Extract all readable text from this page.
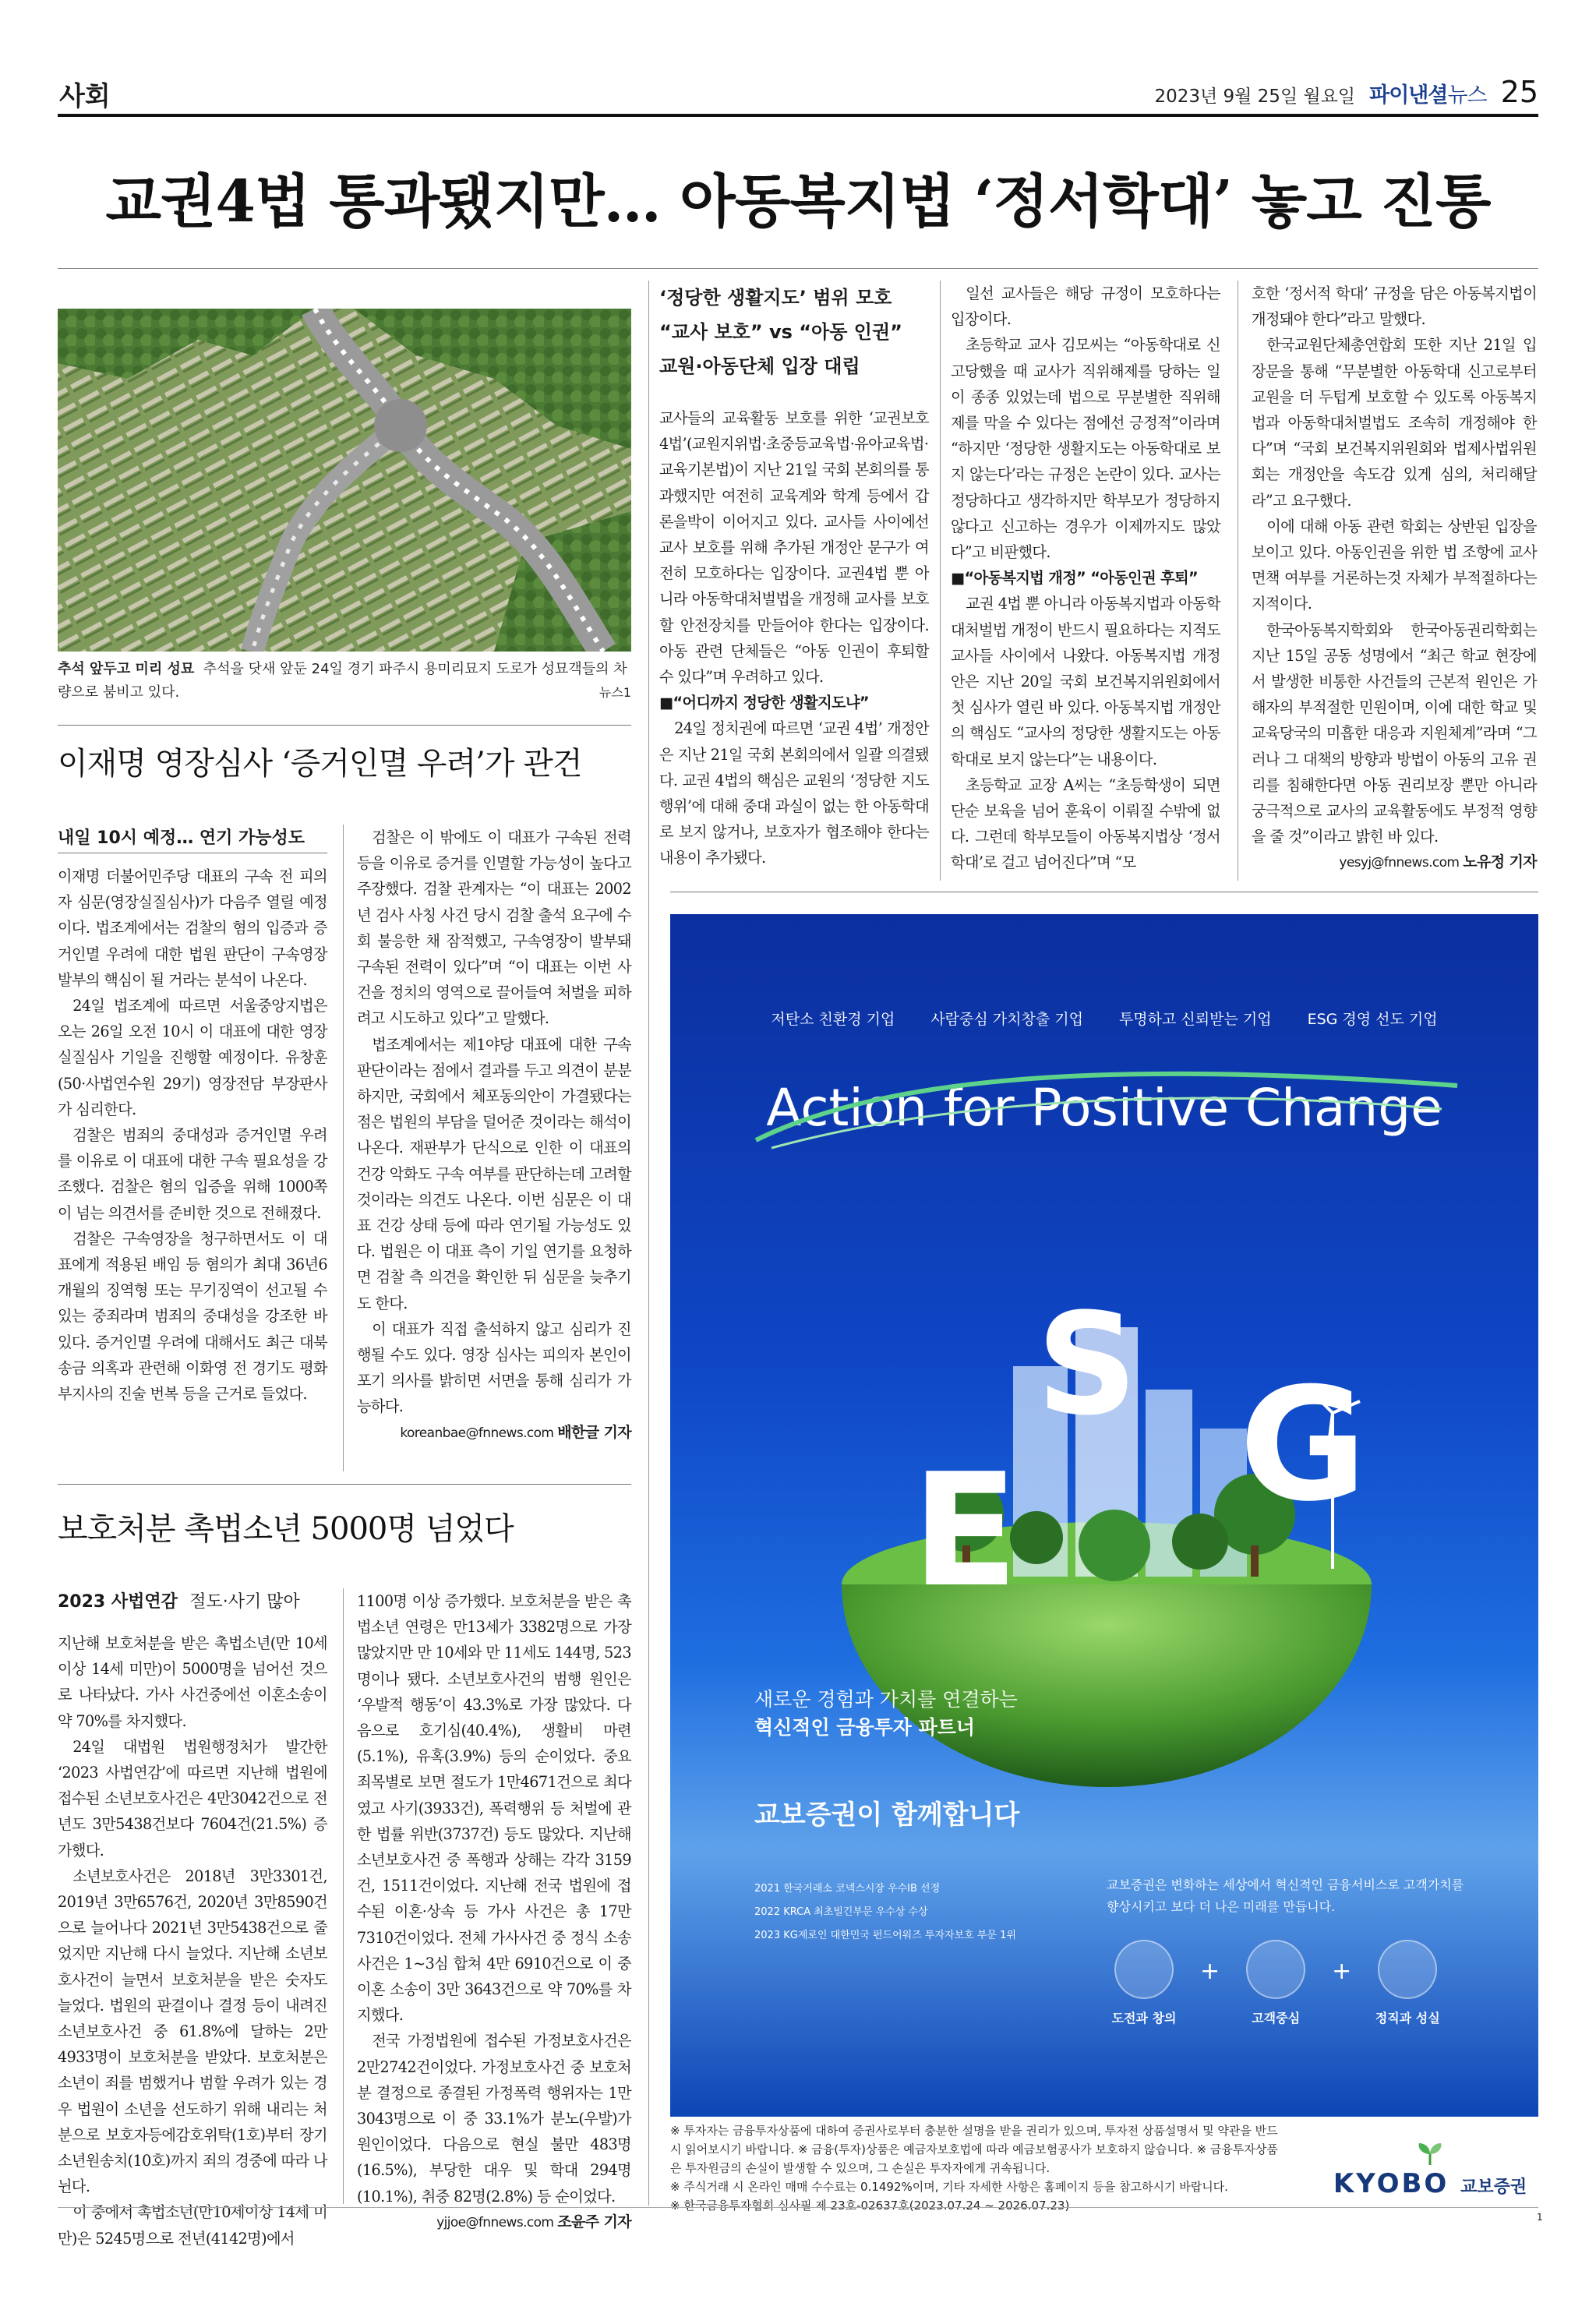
사회	2023년 9월 25일 월요일 파이낸셜뉴스 25
교권4법 통과됐지만… 아동복지법 ‘정서학대’ 놓고 진통
추석 앞두고 미리 성묘 추석을 닷새 앞둔 24일 경기 파주시 용미리묘지 도로가 성묘객들의 차량으로 붐비고 있다.	뉴스1
‘정당한 생활지도’ 범위 모호
“교사 보호” vs “아동 인권”
교원·아동단체 입장 대립

교사들의 교육활동 보호를 위한 ‘교권보호 4법’(교원지위법·초중등교육법·유아교육법·교육기본법)이 지난 21일 국회 본회의를 통과했지만 여전히 교육계와 학계 등에서 갑론을박이 이어지고 있다. 교사들 사이에선 교사 보호를 위해 추가된 개정안 문구가 여전히 모호하다는 입장이다. 교권4법 뿐 아니라 아동학대처벌법을 개정해 교사를 보호할 안전장치를 만들어야 한다는 입장이다. 아동 관련 단체들은 “아동 인권이 후퇴할 수 있다”며 우려하고 있다.

■“어디까지 정당한 생활지도냐”

24일 정치권에 따르면 ‘교권 4법’ 개정안은 지난 21일 국회 본회의에서 일괄 의결됐다. 교권 4법의 핵심은 교원의 ‘정당한 지도행위’에 대해 중대 과실이 없는 한 아동학대로 보지 않거나, 보호자가 협조해야 한다는 내용이 추가됐다.

일선 교사들은 해당 규정이 모호하다는 입장이다.

초등학교 교사 김모씨는 “아동학대로 신고당했을 때 교사가 직위해제를 당하는 일이 종종 있었는데 법으로 무분별한 직위해제를 막을 수 있다는 점에선 긍정적”이라며 “하지만 ‘정당한 생활지도는 아동학대로 보지 않는다’라는 규정은 논란이 있다. 교사는 정당하다고 생각하지만 학부모가 정당하지 않다고 신고하는 경우가 이제까지도 많았다”고 비판했다.

■“아동복지법 개정” “아동인권 후퇴”

교권 4법 뿐 아니라 아동복지법과 아동학대처벌법 개정이 반드시 필요하다는 지적도 교사들 사이에서 나왔다. 아동복지법 개정안은 지난 20일 국회 보건복지위원회에서 첫 심사가 열린 바 있다. 아동복지법 개정안의 핵심도 “교사의 정당한 생활지도는 아동학대로 보지 않는다”는 내용이다.

초등학교 교장 A씨는 “초등학생이 되면 단순 보육을 넘어 훈육이 이뤄질 수밖에 없다. 그런데 학부모들이 아동복지법상 ‘정서학대’로 걸고 넘어진다”며 “모

호한 ‘정서적 학대’ 규정을 담은 아동복지법이 개정돼야 한다”라고 말했다.

한국교원단체총연합회 또한 지난 21일 입장문을 통해 “무분별한 아동학대 신고로부터 교원을 더 두텁게 보호할 수 있도록 아동복지법과 아동학대처벌법도 조속히 개정해야 한다”며 “국회 보건복지위원회와 법제사법위원회는 개정안을 속도감 있게 심의, 처리해달라”고 요구했다.

이에 대해 아동 관련 학회는 상반된 입장을 보이고 있다. 아동인권을 위한 법 조항에 교사 면책 여부를 거론하는것 자체가 부적절하다는 지적이다.

한국아동복지학회와 한국아동권리학회는 지난 15일 공동 성명에서 “최근 학교 현장에서 발생한 비통한 사건들의 근본적 원인은 가해자의 부적절한 민원이며, 이에 대한 학교 및 교육당국의 미흡한 대응과 지원체계”라며 “그러나 그 대책의 방향과 방법이 아동의 고유 권리를 침해한다면 아동 권리보장 뿐만 아니라 궁극적으로 교사의 교육활동에도 부정적 영향을 줄 것”이라고 밝힌 바 있다.

yesyj@fnnews.com 노유정 기자
이재명 영장심사 ‘증거인멸 우려’가 관건
내일 10시 예정… 연기 가능성도

이재명 더불어민주당 대표의 구속 전 피의자 심문(영장실질심사)가 다음주 열릴 예정이다. 법조계에서는 검찰의 혐의 입증과 증거인멸 우려에 대한 법원 판단이 구속영장 발부의 핵심이 될 거라는 분석이 나온다.

24일 법조계에 따르면 서울중앙지법은 오는 26일 오전 10시 이 대표에 대한 영장실질심사 기일을 진행할 예정이다. 유창훈(50·사법연수원 29기) 영장전담 부장판사가 심리한다.

검찰은 범죄의 중대성과 증거인멸 우려를 이유로 이 대표에 대한 구속 필요성을 강조했다. 검찰은 혐의 입증을 위해 1000쪽이 넘는 의견서를 준비한 것으로 전해졌다.

검찰은 구속영장을 청구하면서도 이 대표에게 적용된 배임 등 혐의가 최대 36년6개월의 징역형 또는 무기징역이 선고될 수 있는 중죄라며 범죄의 중대성을 강조한 바 있다. 증거인멸 우려에 대해서도 최근 대북송금 의혹과 관련해 이화영 전 경기도 평화부지사의 진술 번복 등을 근거로 들었다.

검찰은 이 밖에도 이 대표가 구속된 전력 등을 이유로 증거를 인멸할 가능성이 높다고 주장했다. 검찰 관계자는 “이 대표는 2002년 검사 사칭 사건 당시 검찰 출석 요구에 수회 불응한 채 잠적했고, 구속영장이 발부돼 구속된 전력이 있다”며 “이 대표는 이번 사건을 정치의 영역으로 끌어들여 처벌을 피하려고 시도하고 있다”고 말했다.

법조계에서는 제1야당 대표에 대한 구속판단이라는 점에서 결과를 두고 의견이 분분하지만, 국회에서 체포동의안이 가결됐다는 점은 법원의 부담을 덜어준 것이라는 해석이 나온다. 재판부가 단식으로 인한 이 대표의 건강 악화도 구속 여부를 판단하는데 고려할 것이라는 의견도 나온다. 이번 심문은 이 대표 건강 상태 등에 따라 연기될 가능성도 있다. 법원은 이 대표 측이 기일 연기를 요청하면 검찰 측 의견을 확인한 뒤 심문을 늦추기도 한다.

이 대표가 직접 출석하지 않고 심리가 진행될 수도 있다. 영장 심사는 피의자 본인이 포기 의사를 밝히면 서면을 통해 심리가 가능하다.

koreanbae@fnnews.com 배한글 기자
보호처분 촉법소년 5000명 넘었다
2023 사법연감 절도·사기 많아

지난해 보호처분을 받은 촉법소년(만 10세 이상 14세 미만)이 5000명을 넘어선 것으로 나타났다. 가사 사건중에선 이혼소송이 약 70%를 차지했다.

24일 대법원 법원행정처가 발간한 ‘2023 사법연감’에 따르면 지난해 법원에 접수된 소년보호사건은 4만3042건으로 전년도 3만5438건보다 7604건(21.5%) 증가했다.

소년보호사건은 2018년 3만3301건, 2019년 3만6576건, 2020년 3만8590건으로 늘어나다 2021년 3만5438건으로 줄었지만 지난해 다시 늘었다. 지난해 소년보호사건이 늘면서 보호처분을 받은 숫자도 늘었다. 법원의 판결이나 결정 등이 내려진 소년보호사건 중 61.8%에 달하는 2만4933명이 보호처분을 받았다. 보호처분은 소년이 죄를 범했거나 범할 우려가 있는 경우 법원이 소년을 선도하기 위해 내리는 처분으로 보호자등에감호위탁(1호)부터 장기소년원송치(10호)까지 죄의 경중에 따라 나뉜다.

이 중에서 촉법소년(만10세이상 14세 미만)은 5245명으로 전년(4142명)에서

1100명 이상 증가했다. 보호처분을 받은 촉법소년 연령은 만13세가 3382명으로 가장 많았지만 만 10세와 만 11세도 144명, 523명이나 됐다. 소년보호사건의 범행 원인은 ‘우발적 행동’이 43.3%로 가장 많았다. 다음으로 호기심(40.4%), 생활비 마련(5.1%), 유혹(3.9%) 등의 순이었다. 중요 죄목별로 보면 절도가 1만4671건으로 최다였고 사기(3933건), 폭력행위 등 처벌에 관한 법률 위반(3737건) 등도 많았다. 지난해 소년보호사건 중 폭행과 상해는 각각 3159건, 1511건이었다. 지난해 전국 법원에 접수된 이혼·상속 등 가사 사건은 총 17만7310건이었다. 전체 가사사건 중 정식 소송 사건은 1~3심 합쳐 4만 6910건으로 이 중 이혼 소송이 3만 3643건으로 약 70%를 차지했다.

전국 가정법원에 접수된 가정보호사건은 2만2742건이었다. 가정보호사건 중 보호처분 결정으로 종결된 가정폭력 행위자는 1만3043명으로 이 중 33.1%가 분노(우발)가 원인이었다. 다음으로 현실 불만 483명(16.5%), 부당한 대우 및 학대 294명(10.1%), 취중 82명(2.8%) 등 순이었다.

yjjoe@fnnews.com 조윤주 기자
저탄소 친환경 기업 사람중심 가치창출 기업 투명하고 신뢰받는 기업 ESG 경영 선도 기업
Action for Positive Change
E
S G
새로운 경험과 가치를 연결하는
혁신적인 금융투자 파트너
교보증권이 함께합니다
2021 한국거래소 코넥스시장 우수IB 선정
2022 KRCA 최초빌긴부문 우수상 수상
2023 KG제로인 대한민국 펀드어워즈 투자자보호 부문 1위
교보증권은 변화하는 세상에서 혁신적인 금융서비스로 고객가치를 향상시키고 보다 더 나은 미래를 만듭니다.
도전과 창의
+
고객중심
+
정직과 성실
※ 투자자는 금융투자상품에 대하여 증권사로부터 충분한 설명을 받을 권리가 있으며, 투자전 상품설명서 및 약관을 반드시 읽어보시기 바랍니다. ※ 금융(투자)상품은 예금자보호법에 따라 예금보험공사가 보호하지 않습니다. ※ 금융투자상품은 투자원금의 손실이 발생할 수 있으며, 그 손실은 투자자에게 귀속됩니다.
※ 주식거래 시 온라인 매매 수수료는 0.1492%이며, 기타 자세한 사항은 홈페이지 등을 참고하시기 바랍니다.
※ 한국금융투자협회 심사필 제 23호-02637호(2023.07.24 ~ 2026.07.23)
KYOBO 교보증권
1
